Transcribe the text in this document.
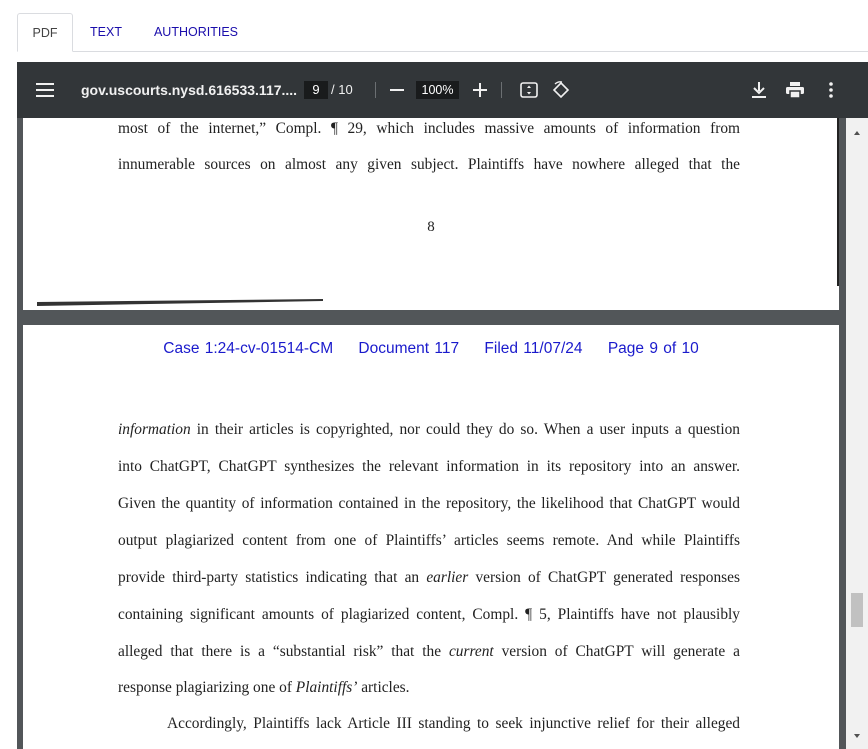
PDF	TEXT	AUTHORITIES
most of the internet,” Compl. ¶ 29, which includes massive amounts of information from
innumerable sources on almost any given subject. Plaintiffs have nowhere alleged that the
8
Case 1:24-cv-01514-CM Document 117 Filed 11/07/24 Page 9 of 10
information in their articles is copyrighted, nor could they do so. When a user inputs a question
into ChatGPT, ChatGPT synthesizes the relevant information in its repository into an answer.
Given the quantity of information contained in the repository, the likelihood that ChatGPT would
output plagiarized content from one of Plaintiffs’ articles seems remote. And while Plaintiffs
provide third-party statistics indicating that an earlier version of ChatGPT generated responses
containing significant amounts of plagiarized content, Compl. ¶ 5, Plaintiffs have not plausibly
alleged that there is a “substantial risk” that the current version of ChatGPT will generate a
response plagiarizing one of Plaintiffs’ articles.
Accordingly, Plaintiffs lack Article III standing to seek injunctive relief for their alleged
gov.uscourts.nysd.616533.117....	9 / 10	100%
